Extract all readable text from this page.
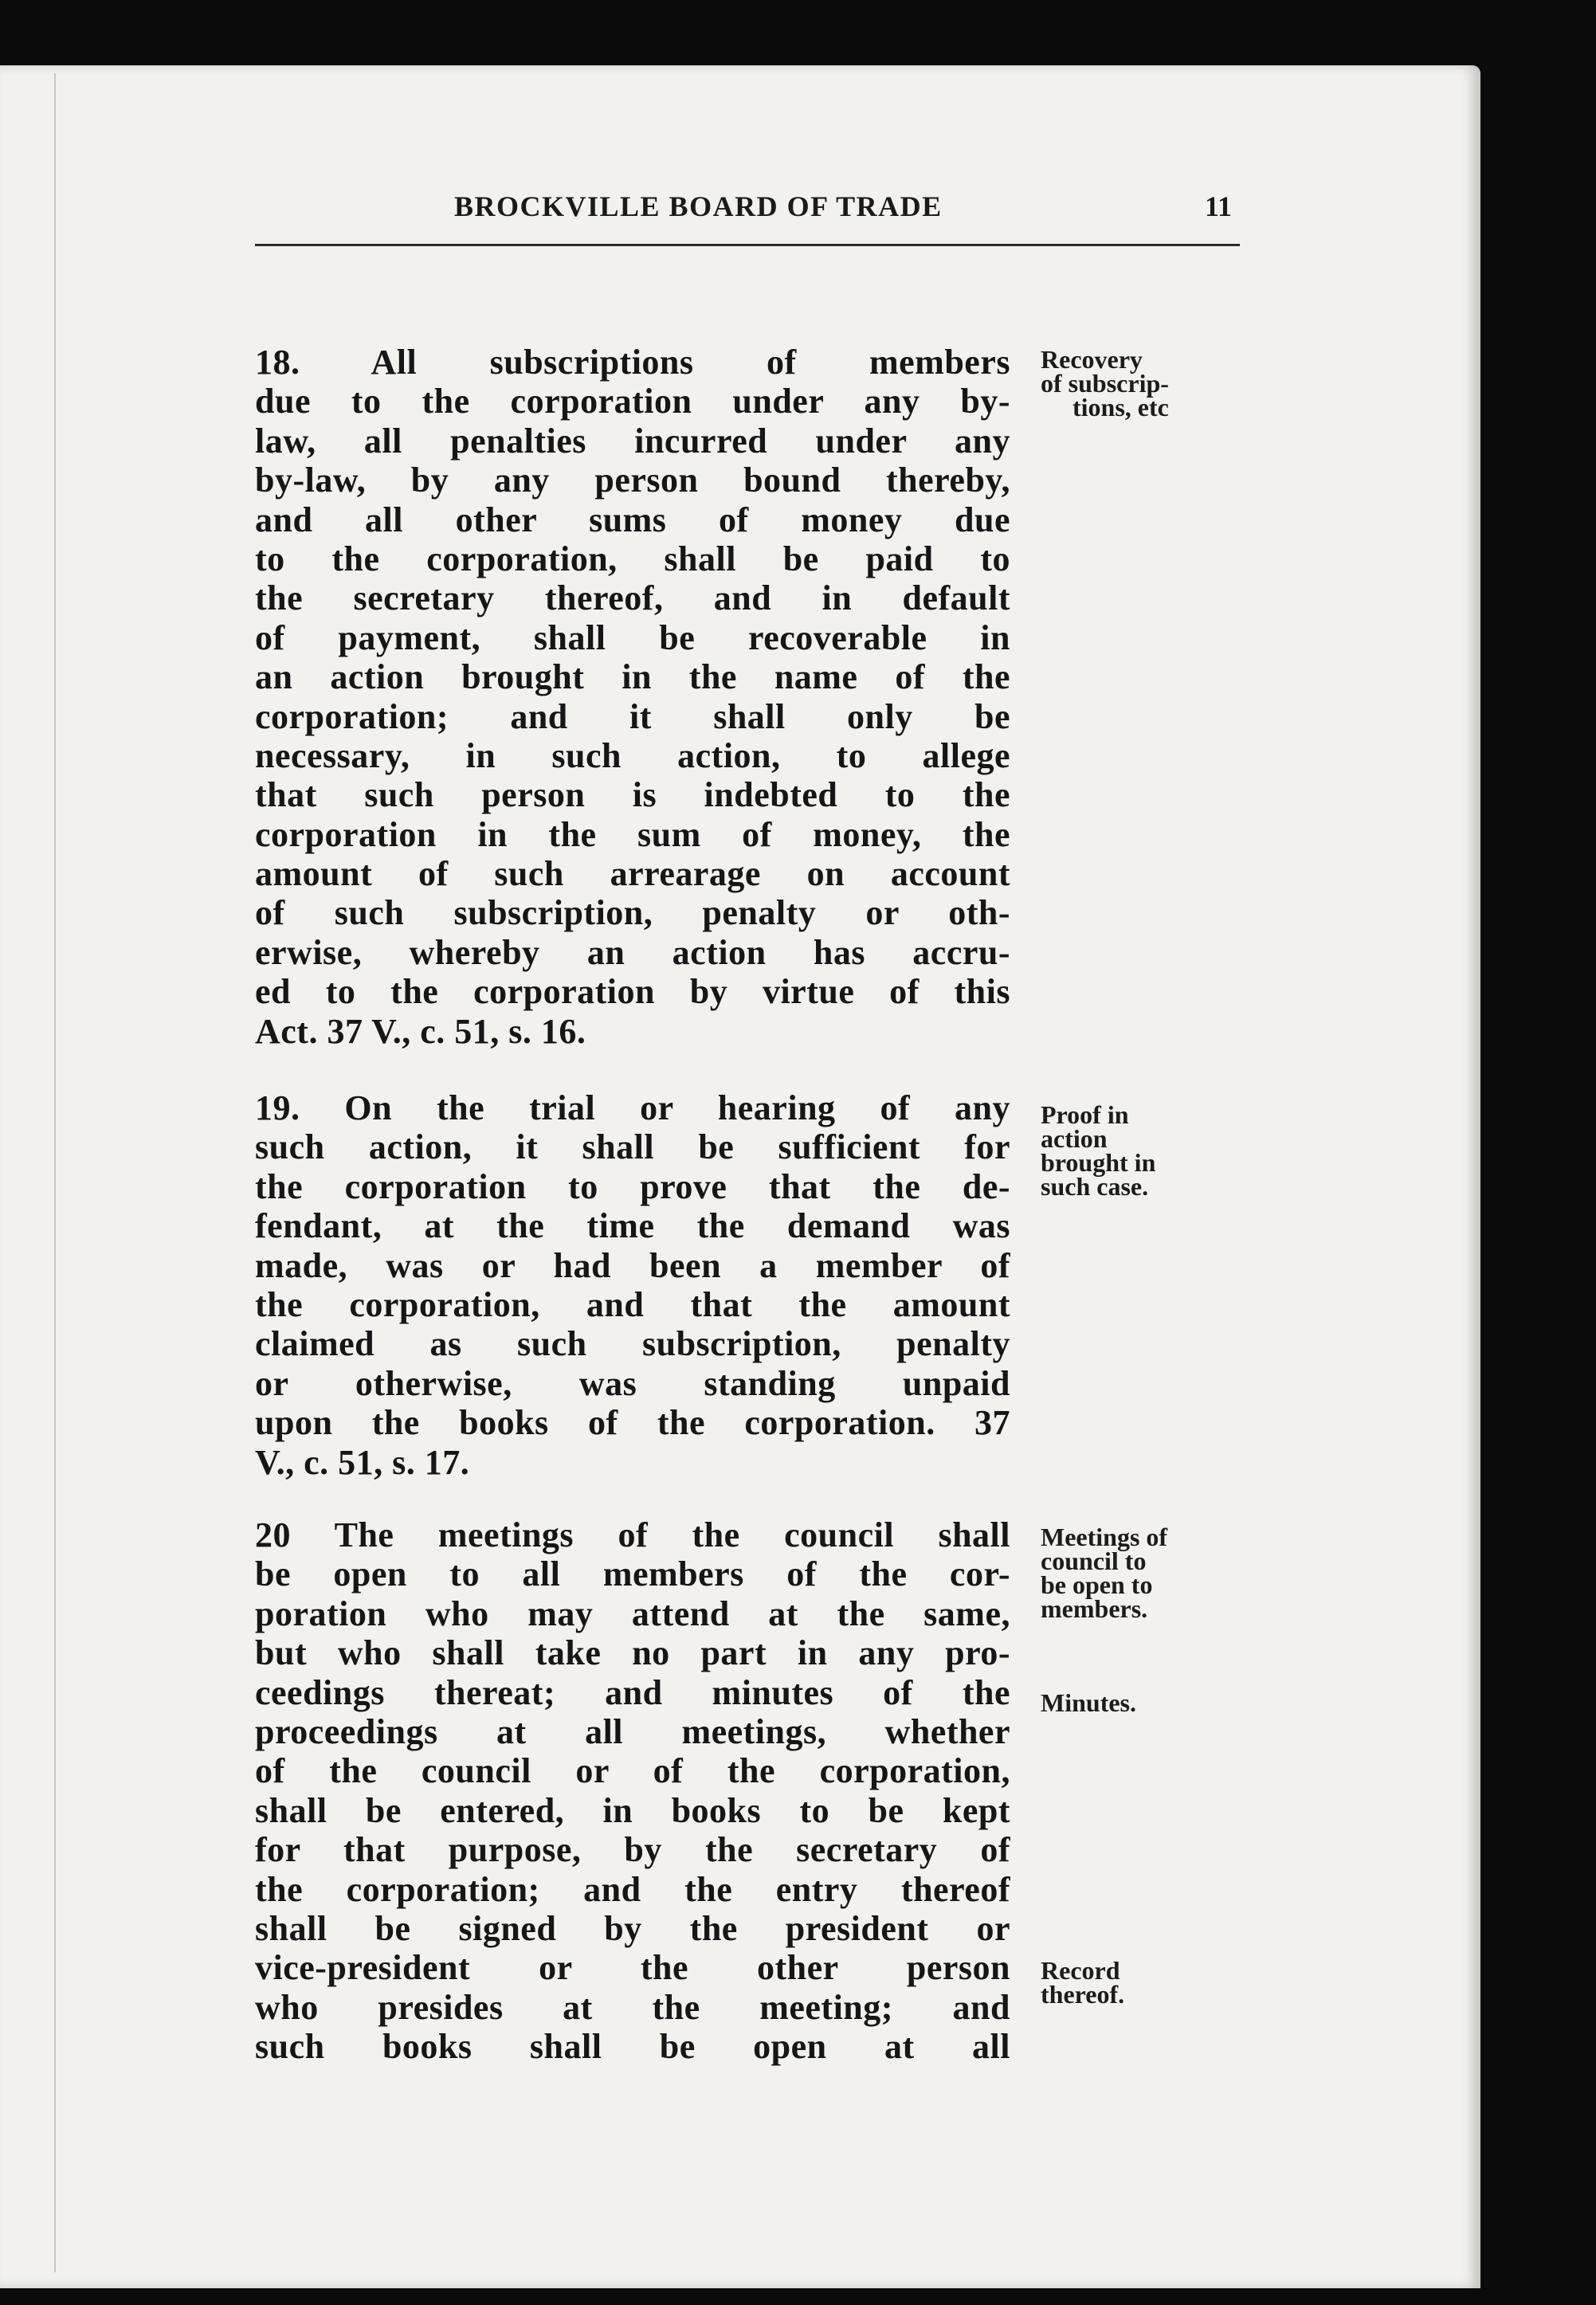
BROCKVILLE BOARD OF TRADE	11
18. All subscriptions of members
due to the corporation under any by-
law, all penalties incurred under any
by-law, by any person bound thereby,
and all other sums of money due
to the corporation, shall be paid to
the secretary thereof, and in default
of payment, shall be recoverable in
an action brought in the name of the
corporation; and it shall only be
necessary, in such action, to allege
that such person is indebted to the
corporation in the sum of money, the
amount of such arrearage on account
of such subscription, penalty or oth-
erwise, whereby an action has accru-
ed to the corporation by virtue of this
Act. 37 V., c. 51, s. 16.
19. On the trial or hearing of any
such action, it shall be sufficient for
the corporation to prove that the de-
fendant, at the time the demand was
made, was or had been a member of
the corporation, and that the amount
claimed as such subscription, penalty
or otherwise, was standing unpaid
upon the books of the corporation. 37
V., c. 51, s. 17.
20 The meetings of the council shall
be open to all members of the cor-
poration who may attend at the same,
but who shall take no part in any pro-
ceedings thereat; and minutes of the
proceedings at all meetings, whether
of the council or of the corporation,
shall be entered, in books to be kept
for that purpose, by the secretary of
the corporation; and the entry thereof
shall be signed by the president or
vice-president or the other person
who presides at the meeting; and
such books shall be open at all
Recovery
of subscrip-
tions, etc
Proof in
action
brought in
such case.
Meetings of
council to
be open to
members.
Minutes.
Record
thereof.
